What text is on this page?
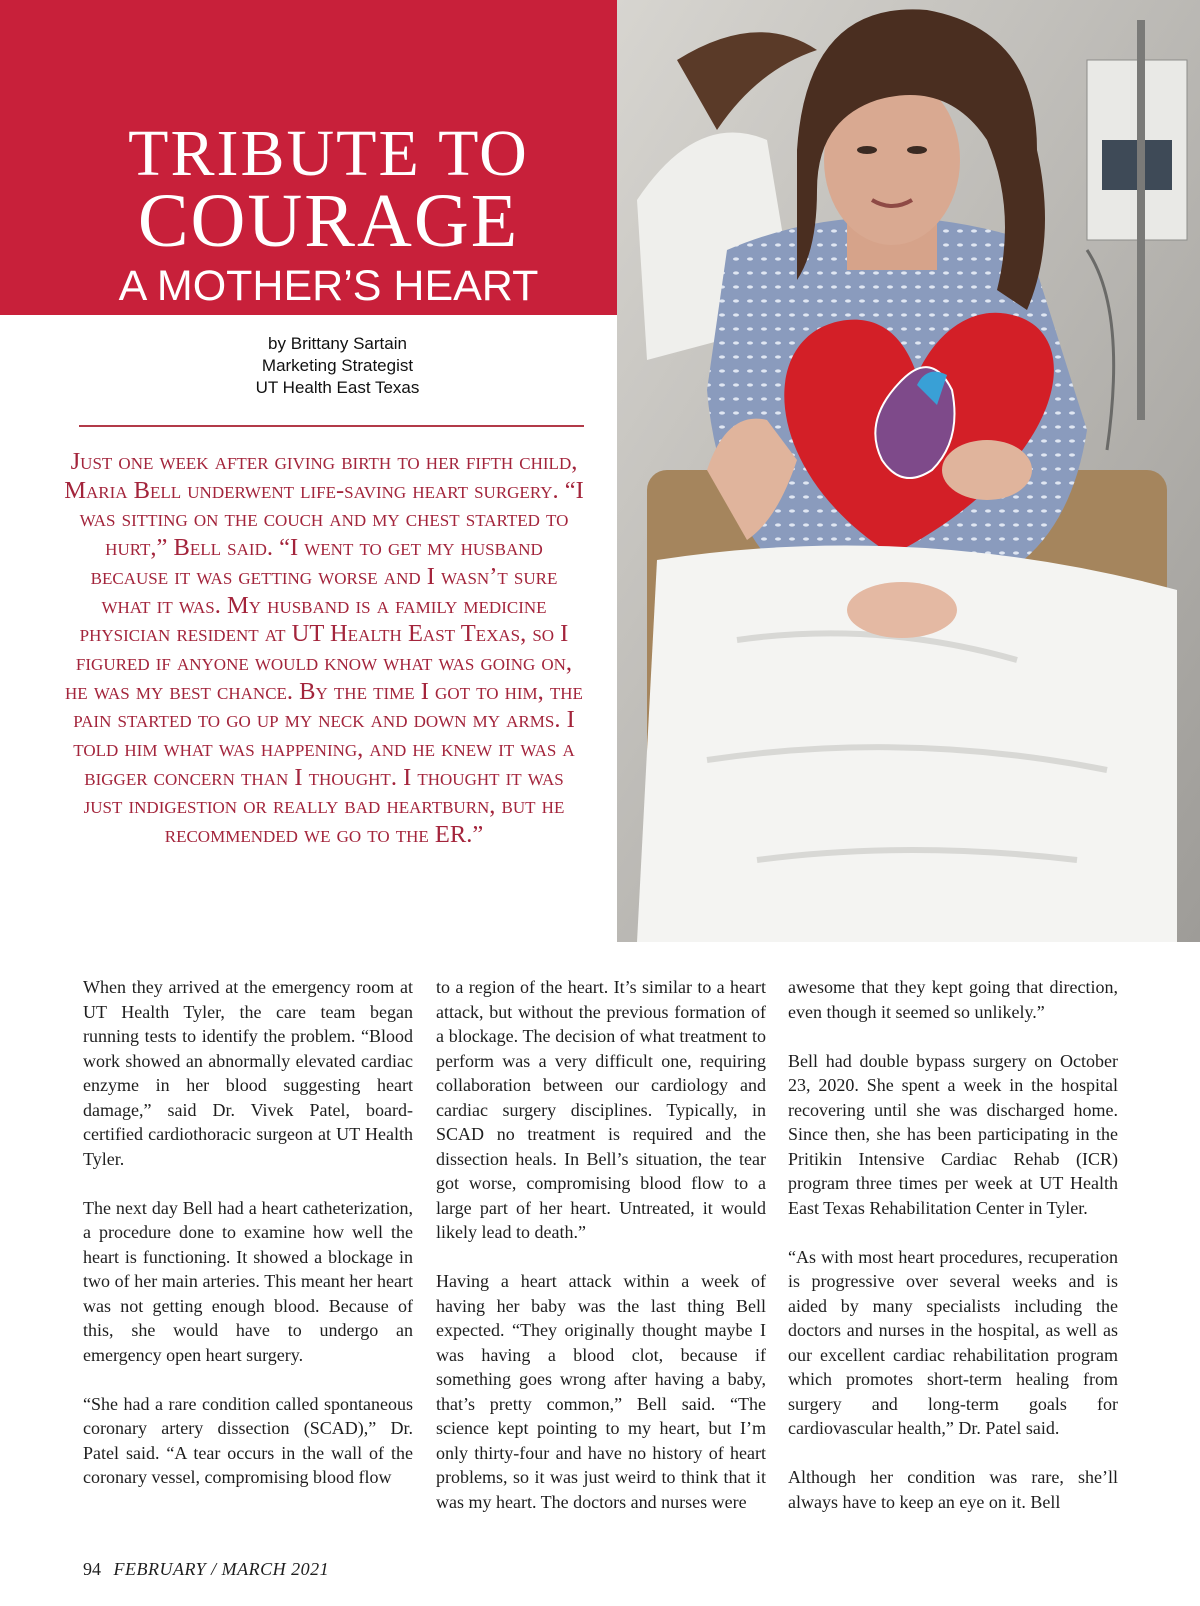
TRIBUTE TO
COURAGE
A MOTHER’S HEART
by Brittany Sartain
Marketing Strategist
UT Health East Texas
Just one week after giving birth to her fifth child, Maria Bell underwent life-saving heart surgery. “I was sitting on the couch and my chest started to hurt,” Bell said. “I went to get my husband because it was getting worse and I wasn’t sure what it was. My husband is a family medicine physician resident at UT Health East Texas, so I figured if anyone would know what was going on, he was my best chance. By the time I got to him, the pain started to go up my neck and down my arms. I told him what was happening, and he knew it was a bigger concern than I thought. I thought it was just indigestion or really bad heartburn, but he recommended we go to the ER.”

When they arrived at the emergency room at UT Health Tyler, the care team began running tests to identify the problem. “Blood work showed an abnormally elevated cardiac enzyme in her blood suggesting heart damage,” said Dr. Vivek Patel, board-certified cardiothoracic surgeon at UT Health Tyler.

The next day Bell had a heart catheterization, a procedure done to examine how well the heart is functioning. It showed a blockage in two of her main arteries. This meant her heart was not getting enough blood. Because of this, she would have to undergo an emergency open heart surgery.

“She had a rare condition called spontaneous coronary artery dissection (SCAD),” Dr. Patel said. “A tear occurs in the wall of the coronary vessel, compromising blood flow

to a region of the heart. It’s similar to a heart attack, but without the previous formation of a blockage. The decision of what treatment to perform was a very difficult one, requiring collaboration between our cardiology and cardiac surgery disciplines. Typically, in SCAD no treatment is required and the dissection heals. In Bell’s situation, the tear got worse, compromising blood flow to a large part of her heart. Untreated, it would likely lead to death.”

Having a heart attack within a week of having her baby was the last thing Bell expected. “They originally thought maybe I was having a blood clot, because if something goes wrong after having a baby, that’s pretty common,” Bell said. “The science kept pointing to my heart, but I’m only thirty-four and have no history of heart problems, so it was just weird to think that it was my heart. The doctors and nurses were

awesome that they kept going that direction, even though it seemed so unlikely.”

Bell had double bypass surgery on October 23, 2020. She spent a week in the hospital recovering until she was discharged home. Since then, she has been participating in the Pritikin Intensive Cardiac Rehab (ICR) program three times per week at UT Health East Texas Rehabilitation Center in Tyler.

“As with most heart procedures, recuperation is progressive over several weeks and is aided by many specialists including the doctors and nurses in the hospital, as well as our excellent cardiac rehabilitation program which promotes short-term healing from surgery and long-term goals for cardiovascular health,” Dr. Patel said.

Although her condition was rare, she’ll always have to keep an eye on it. Bell

94 FEBRUARY / MARCH 2021
